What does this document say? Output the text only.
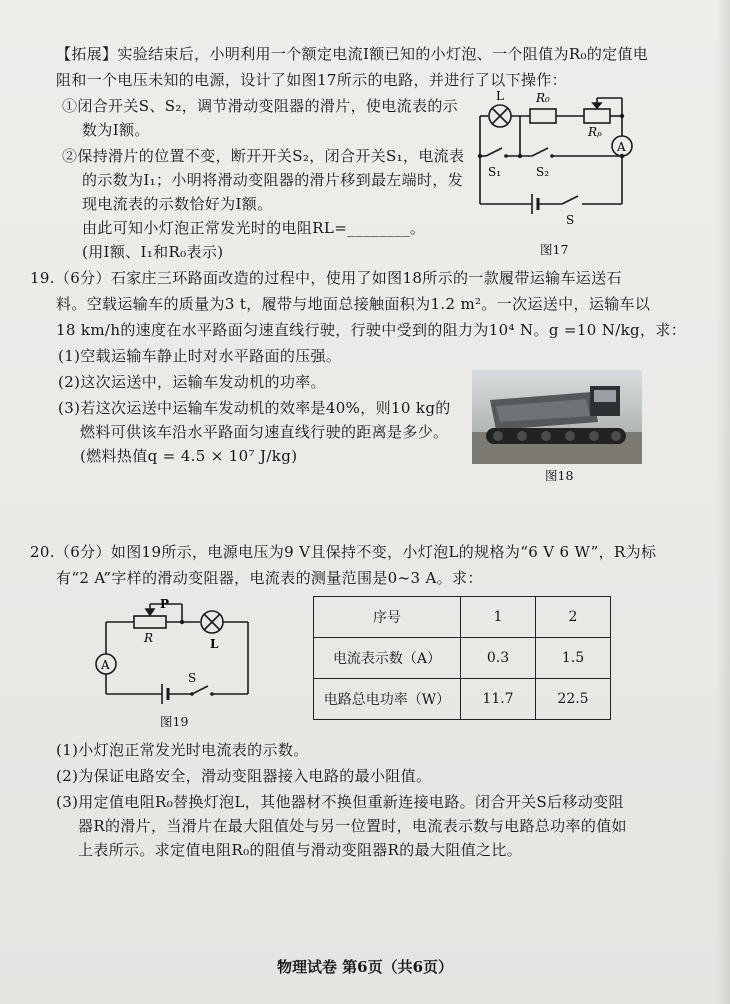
【拓展】实验结束后，小明利用一个额定电流I额已知的小灯泡、一个阻值为R₀的定值电
阻和一个电压未知的电源，设计了如图17所示的电路，并进行了以下操作：
①闭合开关S、S₂，调节滑动变阻器的滑片，使电流表的示
数为I额。
②保持滑片的位置不变，断开开关S₂，闭合开关S₁，电流表
的示数为I₁；小明将滑动变阻器的滑片移到最左端时，发
现电流表的示数恰好为I额。
由此可知小灯泡正常发光时的电阻RL=________。
(用I额、I₁和R₀表示)
L	R₀
Rₚ
A
S₁	S₂
S
图17
19.（6分）石家庄三环路面改造的过程中，使用了如图18所示的一款履带运输车运送石
料。空载运输车的质量为3 t，履带与地面总接触面积为1.2 m²。一次运送中，运输车以
18 km/h的速度在水平路面匀速直线行驶，行驶中受到的阻力为10⁴ N。g =10 N/kg，求：
(1)空载运输车静止时对水平路面的压强。
(2)这次运送中，运输车发动机的功率。
(3)若这次运送中运输车发动机的效率是40%，则10 kg的
燃料可供该车沿水平路面匀速直线行驶的距离是多少。
(燃料热值q = 4.5 × 10⁷ J/kg)
图18
20.（6分）如图19所示，电源电压为9 V且保持不变，小灯泡L的规格为“6 V 6 W”，R为标
有“2 A”字样的滑动变阻器，电流表的测量范围是0~3 A。求：
P
R	L
A
S
图19
序号	1	2
电流表示数（A）	0.3	1.5
电路总电功率（W）	11.7	22.5
(1)小灯泡正常发光时电流表的示数。
(2)为保证电路安全，滑动变阻器接入电路的最小阻值。
(3)用定值电阻R₀替换灯泡L，其他器材不换但重新连接电路。闭合开关S后移动变阻
器R的滑片，当滑片在最大阻值处与另一位置时，电流表示数与电路总功率的值如
上表所示。求定值电阻R₀的阻值与滑动变阻器R的最大阻值之比。
物理试卷 第6页（共6页）
